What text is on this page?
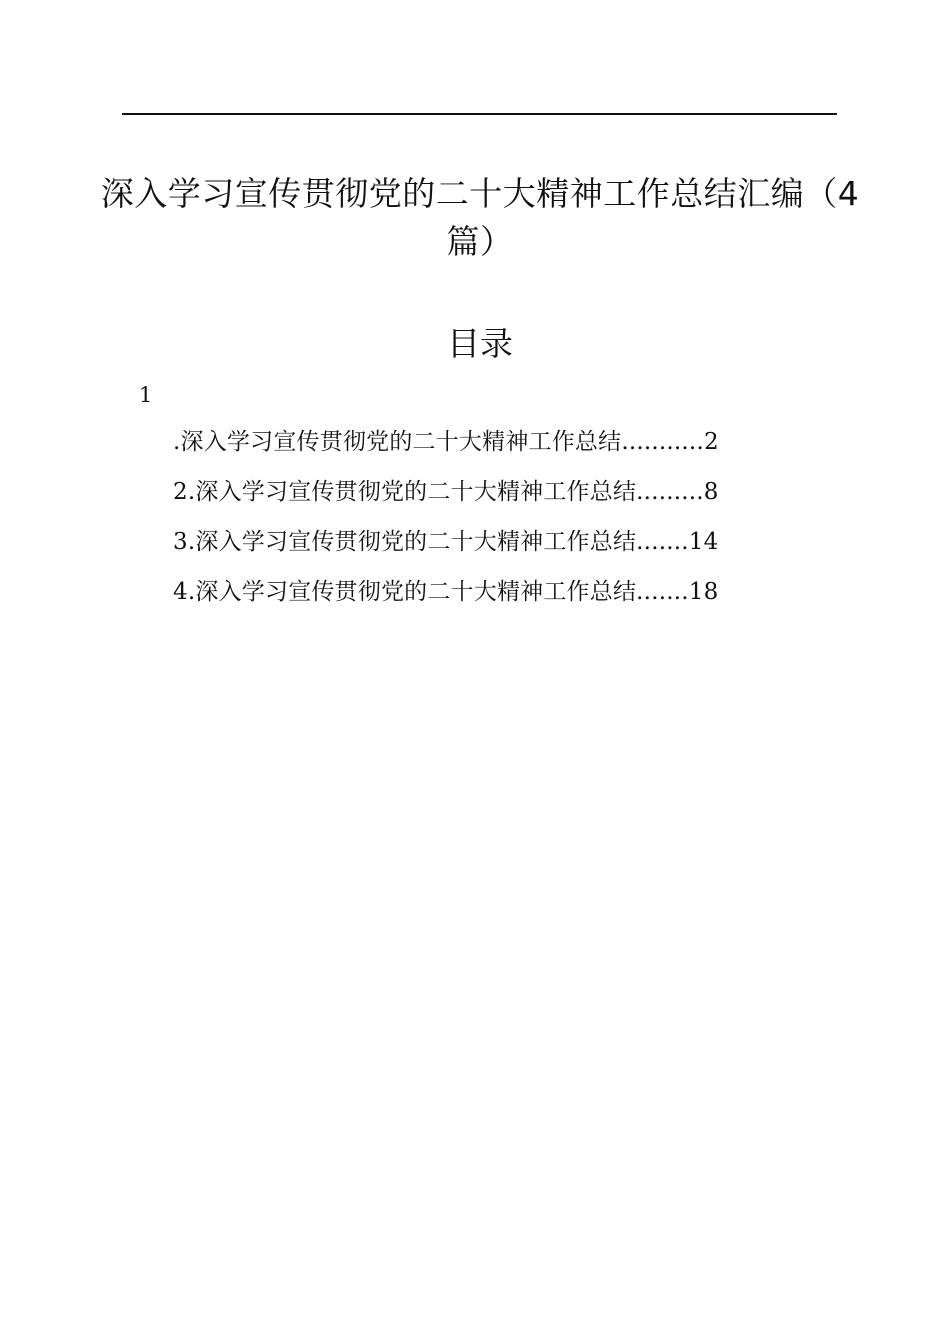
深入学习宣传贯彻党的二十大精神工作总结汇编（4篇）
目录
1
.深入学习宣传贯彻党的二十大精神工作总结...........2
2.深入学习宣传贯彻党的二十大精神工作总结.........8
3.深入学习宣传贯彻党的二十大精神工作总结.......14
4.深入学习宣传贯彻党的二十大精神工作总结.......18
